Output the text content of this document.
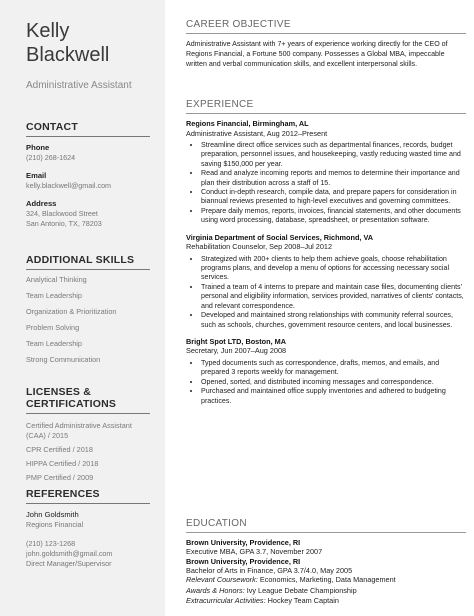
Kelly
Blackwell
Administrative Assistant
CONTACT
Phone
(210) 268-1624
Email
kelly.blackwell@gmail.com
Address
324, Blackwood Street
San Antonio, TX, 78203
ADDITIONAL SKILLS
Analytical Thinking
Team Leadership
Organization & Prioritization
Problem Solving
Team Leadership
Strong Communication
LICENSES & CERTIFICATIONS
Certified Administrative Assistant (CAA) / 2015
CPR Certified / 2018
HIPPA Certified / 2018
PMP Certified / 2009
REFERENCES
John Goldsmith
Regions Financial
(210) 123-1268
john.goldsmith@gmail.com
Direct Manager/Supervisor
CAREER OBJECTIVE
Administrative Assistant with 7+ years of experience working directly for the CEO of Regions Financial, a Fortune 500 company. Possesses a Global MBA, impeccable written and verbal communication skills, and excellent interpersonal skills.
EXPERIENCE
Regions Financial, Birmingham, AL
Administrative Assistant, Aug 2012–Present
• Streamline direct office services such as departmental finances, records, budget preparation, personnel issues, and housekeeping, vastly reducing wasted time and saving $150,000 per year.
• Read and analyze incoming reports and memos to determine their importance and plan their distribution across a staff of 15.
• Conduct in-depth research, compile data, and prepare papers for consideration in biannual reviews presented to high-level executives and governing committees.
• Prepare daily memos, reports, invoices, financial statements, and other documents using word processing, database, spreadsheet, or presentation software.
Virginia Department of Social Services, Richmond, VA
Rehabilitation Counselor, Sep 2008–Jul 2012
• Strategized with 200+ clients to help them achieve goals, choose rehabilitation programs plans, and develop a menu of options for accessing necessary social services.
• Trained a team of 4 interns to prepare and maintain case files, documenting clients' personal and eligibility information, services provided, narratives of clients' contacts, and relevant correspondence.
• Developed and maintained strong relationships with community referral sources, such as schools, churches, government resource centers, and local businesses.
Bright Spot LTD, Boston, MA
Secretary, Jun 2007–Aug 2008
• Typed documents such as correspondence, drafts, memos, and emails, and prepared 3 reports weekly for management.
• Opened, sorted, and distributed incoming messages and correspondence.
• Purchased and maintained office supply inventories and adhered to budgeting practices.
EDUCATION
Brown University, Providence, RI
Executive MBA, GPA 3.7, November 2007
Brown University, Providence, RI
Bachelor of Arts in Finance, GPA 3.7/4.0, May 2005
Relevant Coursework: Economics, Marketing, Data Management
Awards & Honors: Ivy League Debate Championship
Extracurricular Activities: Hockey Team Captain
